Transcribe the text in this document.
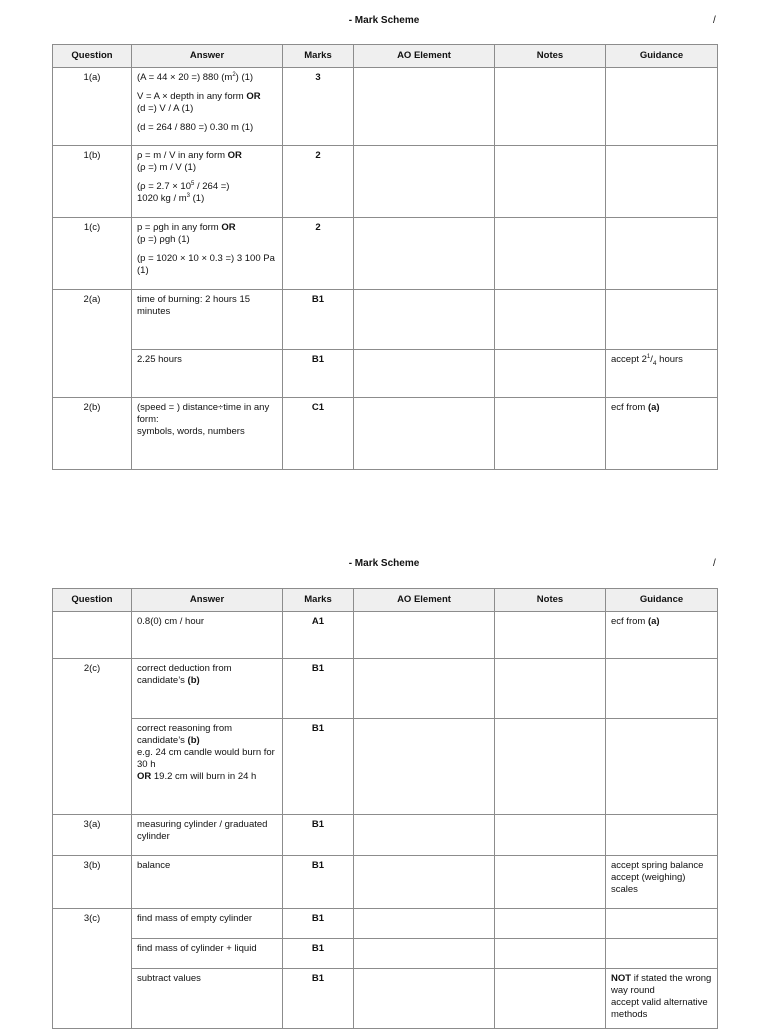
- Mark Scheme	/
Question	Answer	Marks	AO Element	Notes	Guidance
1(a)	(A = 44 × 20 =) 880 $(m^2)$ (1)
V = A × depth in any form OR
(d =) V / A (1)
(d = 264 / 880 =) 0.30 m (1)	3			
1(b)	ρ = m / V in any form OR
(ρ =) m / V (1)
($\rho = 2.7 \times 10^5 / 264$ =)
1020 kg / $m^3$ (1)	2			
1(c)	p = ρgh in any form OR
(p =) ρgh (1)
(p = 1020 × 10 × 0.3 =) 3 100 Pa (1)	2			
2(a)	time of burning: 2 hours 15 minutes	B1			
	2.25 hours	B1			accept $2^1/_4$ hours
2(b)	(speed = ) distance÷time in any form:
symbols, words, numbers	C1			ecf from (a)
- Mark Scheme	/
Question	Answer	Marks	AO Element	Notes	Guidance
	0.8(0) cm / hour	A1			ecf from (a)
2(c)	correct deduction from candidate’s (b)	B1			

	correct reasoning from candidate’s (b)
e.g. 24 cm candle would burn for 30 h
OR 19.2 cm will burn in 24 h	B1			
3(a)	measuring cylinder / graduated cylinder	B1			
3(b)	balance	B1			accept spring balance
accept (weighing) scales

3(c)	find mass of empty cylinder	B1			
	find mass of cylinder + liquid	B1			
	subtract values	B1			NOT if stated the wrong way round
accept valid alternative methods
